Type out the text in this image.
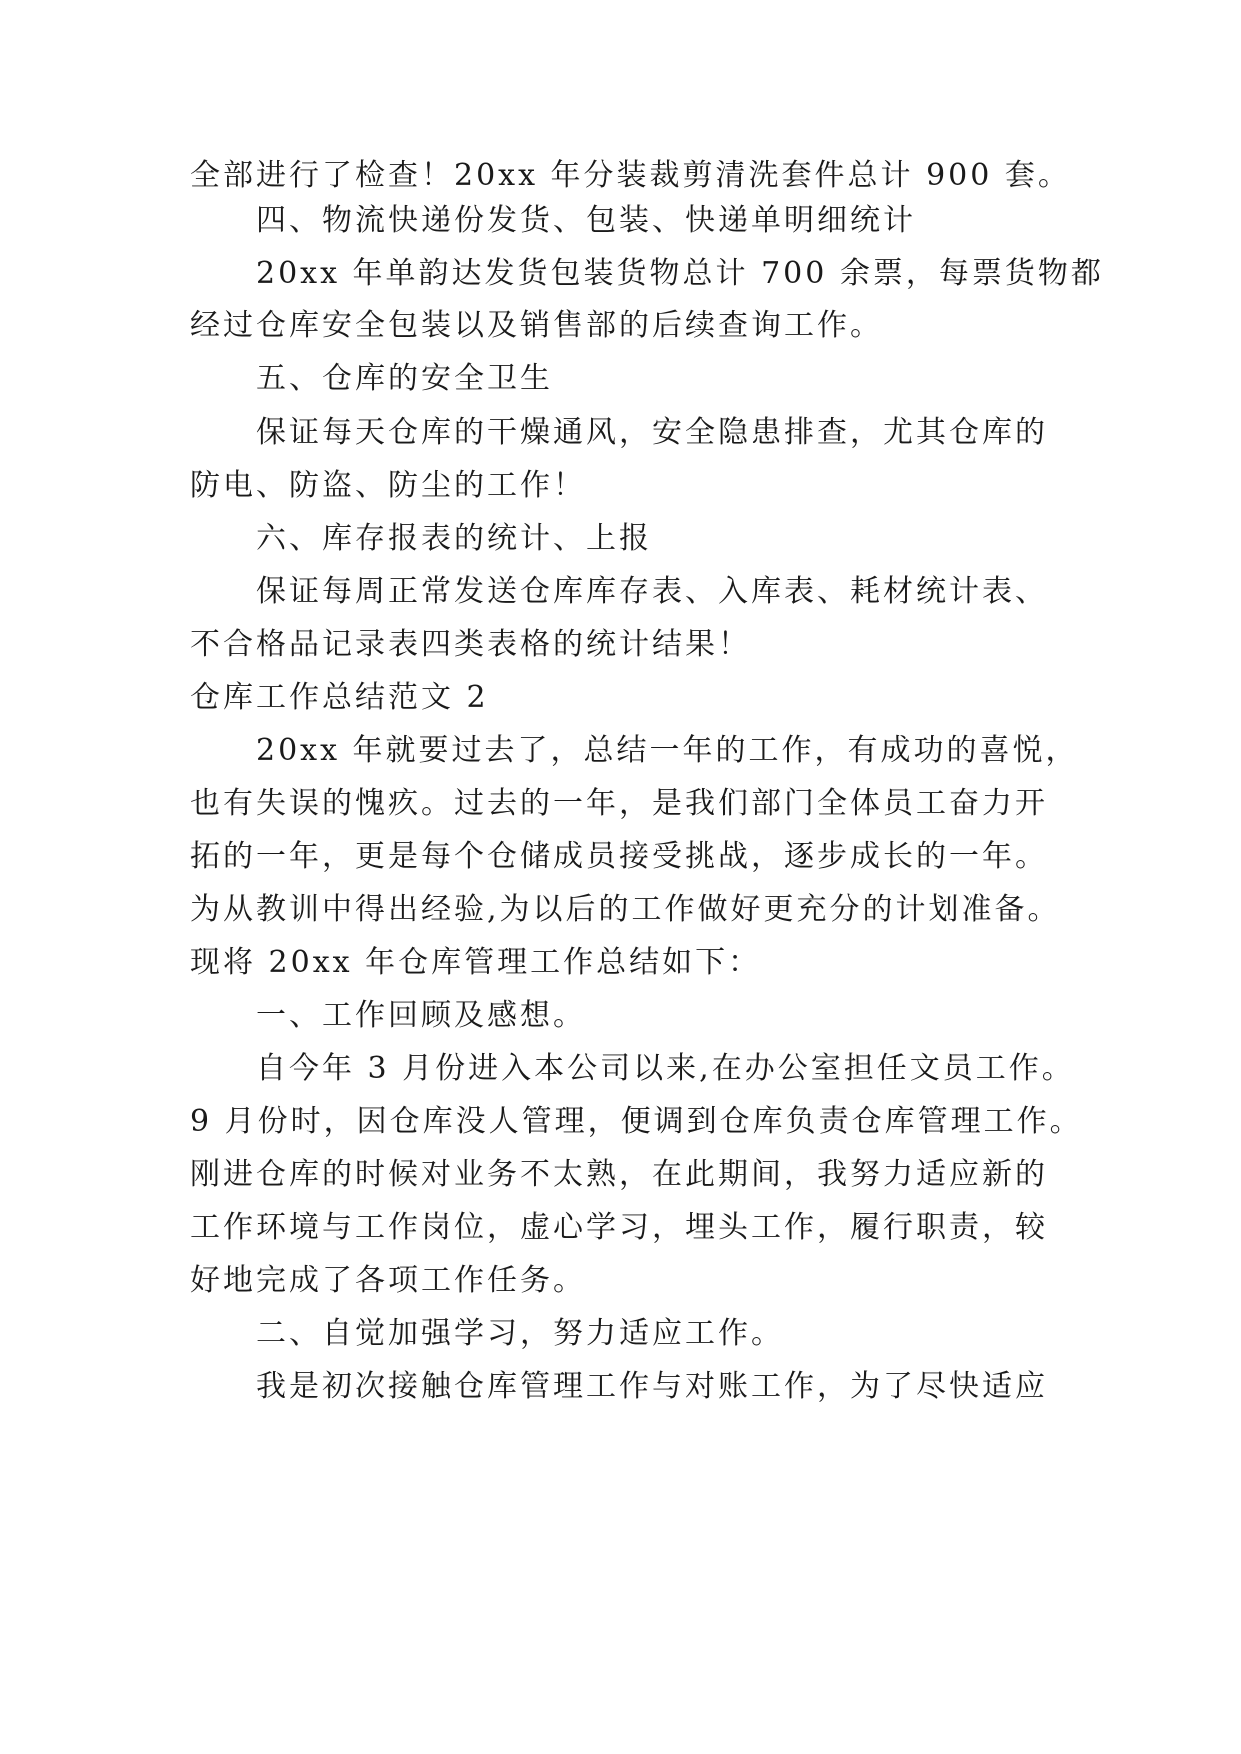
全部进行了检查！20xx 年分装裁剪清洗套件总计 900 套。
四、物流快递份发货、包装、快递单明细统计
20xx 年单韵达发货包装货物总计 700 余票，每票货物都
经过仓库安全包装以及销售部的后续查询工作。
五、仓库的安全卫生
保证每天仓库的干燥通风，安全隐患排查，尤其仓库的
防电、防盗、防尘的工作！
六、库存报表的统计、上报
保证每周正常发送仓库库存表、入库表、耗材统计表、
不合格品记录表四类表格的统计结果！
仓库工作总结范文 2
20xx 年就要过去了，总结一年的工作，有成功的喜悦，
也有失误的愧疚。过去的一年，是我们部门全体员工奋力开
拓的一年，更是每个仓储成员接受挑战，逐步成长的一年。
为从教训中得出经验,为以后的工作做好更充分的计划准备。
现将 20xx 年仓库管理工作总结如下：
一、工作回顾及感想。
自今年 3 月份进入本公司以来,在办公室担任文员工作。
9 月份时，因仓库没人管理，便调到仓库负责仓库管理工作。
刚进仓库的时候对业务不太熟，在此期间，我努力适应新的
工作环境与工作岗位，虚心学习，埋头工作，履行职责，较
好地完成了各项工作任务。
二、自觉加强学习，努力适应工作。
我是初次接触仓库管理工作与对账工作，为了尽快适应
